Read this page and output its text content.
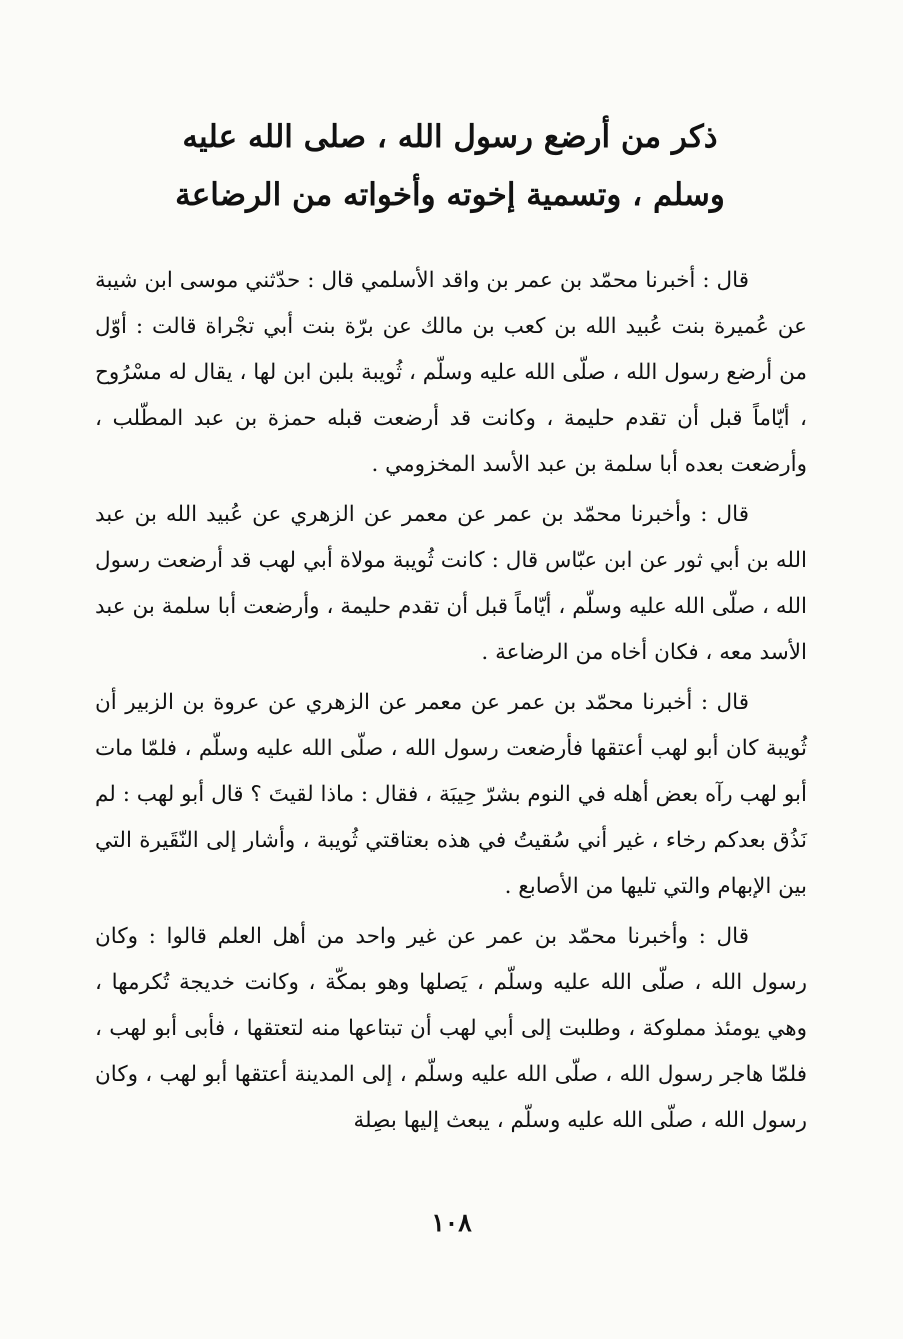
ذكر من أرضع رسول الله ، صلى الله عليه
وسلم ، وتسمية إخوته وأخواته من الرضاعة

قال : أخبرنا محمّد بن عمر بن واقد الأسلمي قال : حدّثني موسى ابن شيبة عن عُميرة بنت عُبيد الله بن كعب بن مالك عن برّة بنت أبي تجْراة قالت : أوّل من أرضع رسول الله ، صلّى الله عليه وسلّم ، ثُويبة بلبن ابن لها ، يقال له مسْرُوح ، أيّاماً قبل أن تقدم حليمة ، وكانت قد أرضعت قبله حمزة بن عبد المطّلب ، وأرضعت بعده أبا سلمة بن عبد الأسد المخزومي .

قال : وأخبرنا محمّد بن عمر عن معمر عن الزهري عن عُبيد الله بن عبد الله بن أبي ثور عن ابن عبّاس قال : كانت ثُويبة مولاة أبي لهب قد أرضعت رسول الله ، صلّى الله عليه وسلّم ، أيّاماً قبل أن تقدم حليمة ، وأرضعت أبا سلمة بن عبد الأسد معه ، فكان أخاه من الرضاعة .

قال : أخبرنا محمّد بن عمر عن معمر عن الزهري عن عروة بن الزبير أن ثُويبة كان أبو لهب أعتقها فأرضعت رسول الله ، صلّى الله عليه وسلّم ، فلمّا مات أبو لهب رآه بعض أهله في النوم بشرّ حِيبَة ، فقال : ماذا لقيتَ ؟ قال أبو لهب : لم نَذُق بعدكم رخاء ، غير أني سُقيتُ في هذه بعتاقتي ثُويبة ، وأشار إلى النّقَيرة التي بين الإبهام والتي تليها من الأصابع .

قال : وأخبرنا محمّد بن عمر عن غير واحد من أهل العلم قالوا : وكان رسول الله ، صلّى الله عليه وسلّم ، يَصلها وهو بمكّة ، وكانت خديجة تُكرمها ، وهي يومئذ مملوكة ، وطلبت إلى أبي لهب أن تبتاعها منه لتعتقها ، فأبى أبو لهب ، فلمّا هاجر رسول الله ، صلّى الله عليه وسلّم ، إلى المدينة أعتقها أبو لهب ، وكان رسول الله ، صلّى الله عليه وسلّم ، يبعث إليها بصِلة

١٠٨
